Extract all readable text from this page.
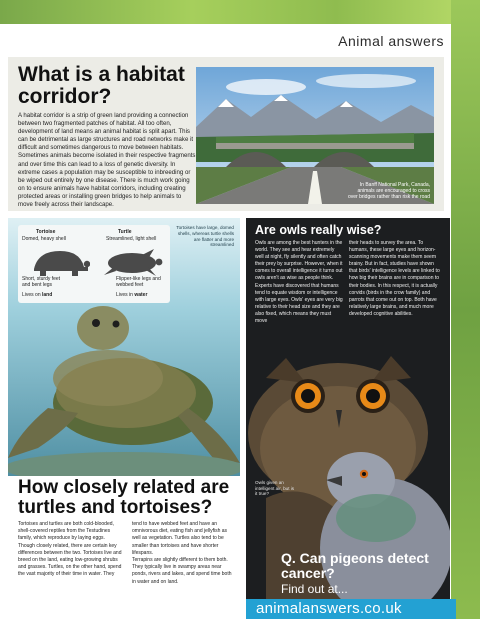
Animal answers
What is a habitat corridor?
A habitat corridor is a strip of green land providing a connection between two fragmented patches of habitat. All too often, development of land means an animal habitat is split apart. This can be detrimental as large structures and road networks make it difficult and sometimes dangerous to move between habitats. Sometimes animals become isolated in their respective fragments and over time this can lead to a loss of genetic diversity. In extreme cases a population may be susceptible to inbreeding or be wiped out entirely by one disease. There is much work going on to ensure animals have habitat corridors, including creating protected areas or installing green bridges to help animals to move freely across their landscape.
In Banff National Park, Canada, animals are encouraged to cross over bridges rather than risk the road
Tortoise
Domed, heavy shell
Short, sturdy feet and bent legs
Lives on land
Turtle
Streamlined, light shell
Flipper-like legs and webbed feet
Lives in water
Tortoises have large, domed shells, whereas turtle shells are flatter and more streamlined
How closely related are turtles and tortoises?
Tortoises and turtles are both cold-blooded, shell-covered reptiles from the Testudines family, which reproduce by laying eggs. Though closely related, there are certain key differences between the two. Tortoises live and breed on the land, eating low-growing shrubs and grasses. Turtles, on the other hand, spend the vast majority of their time in water. They
tend to have webbed feet and have an omnivorous diet, eating fish and jellyfish as well as vegetation. Turtles also tend to be smaller than tortoises and have shorter lifespans.
Terrapins are slightly different to them both. They typically live in swampy areas near ponds, rivers and lakes, and spend time both in water and on land.
Are owls really wise?
Owls are among the best hunters in the world. They see and hear extremely well at night, fly silently and often catch their prey by surprise. However, when it comes to overall intelligence it turns out owls aren't as wise as people think. Experts have discovered that humans tend to equate wisdom or intelligence with large eyes. Owls' eyes are very big relative to their head size and they are also fixed, which means they must move
their heads to survey the area. To humans, these large eyes and horizon-scanning movements make them seem brainy. But in fact, studies have shown that birds' intelligence levels are linked to how big their brains are in comparison to their bodies. In this respect, it is actually corvids (birds in the crow family) and parrots that come out on top. Both have relatively large brains, and much more developed cognitive abilities.
Owls given an intelligent air, but is it true?
Q. Can pigeons detect cancer?
Find out at...
animalanswers.co.uk
